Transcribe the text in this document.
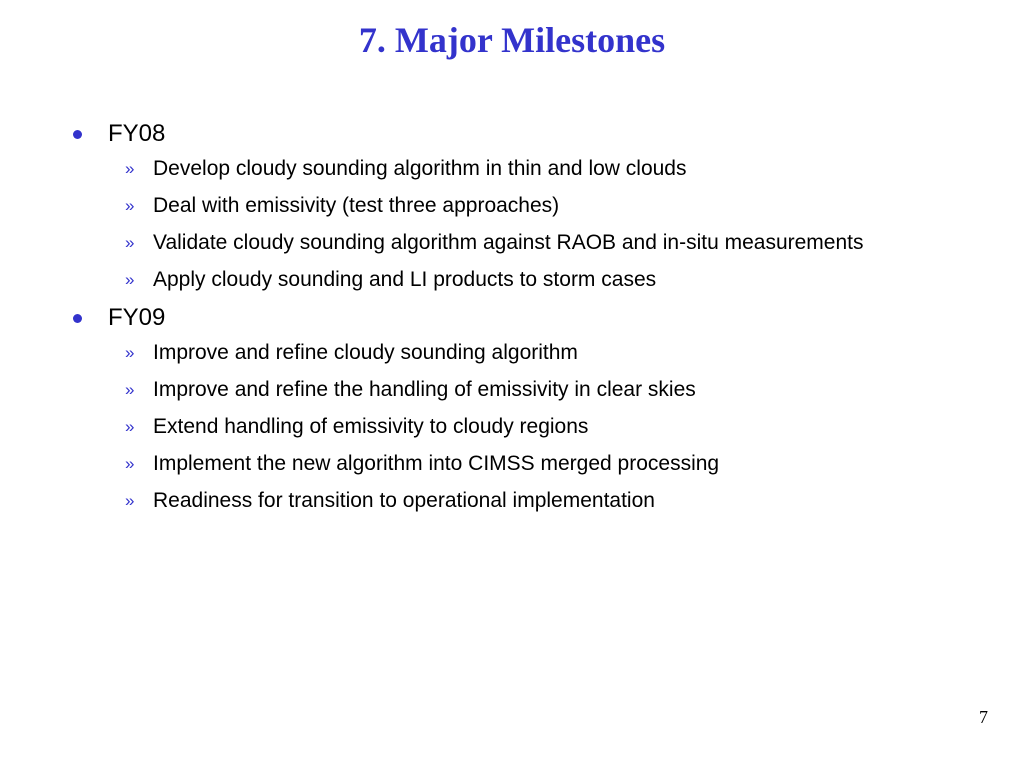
7. Major Milestones
FY08
» Develop cloudy sounding algorithm in thin and low clouds
» Deal with emissivity (test three approaches)
» Validate cloudy sounding algorithm against RAOB and in-situ measurements
» Apply cloudy sounding and LI products to storm cases
FY09
» Improve and refine cloudy sounding algorithm
» Improve and refine the handling of emissivity in clear skies
» Extend handling of emissivity to cloudy regions
» Implement the new algorithm into CIMSS merged processing
» Readiness for transition to operational implementation
7
